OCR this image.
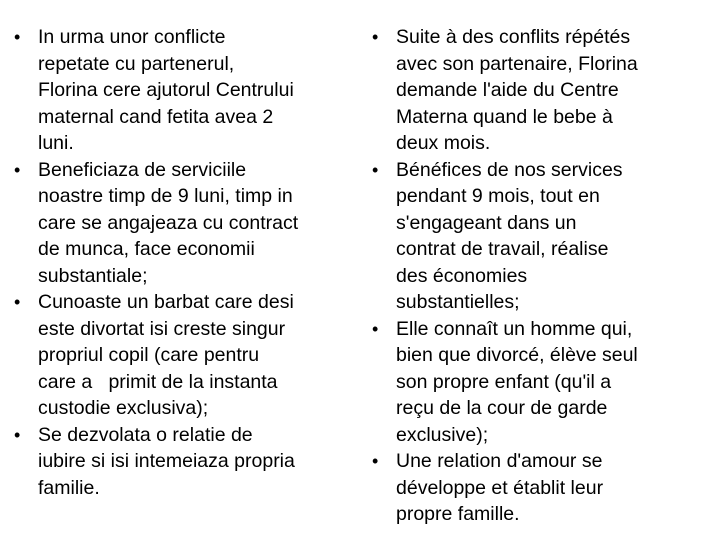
• In urma unor conflicte
repetate cu partenerul,
Florina cere ajutorul Centrului
maternal cand fetita avea 2
luni.
• Beneficiaza de serviciile
noastre timp de 9 luni, timp in
care se angajeaza cu contract
de munca, face economii
substantiale;
• Cunoaste un barbat care desi
este divortat isi creste singur
propriul copil (care pentru
care a   primit de la instanta
custodie exclusiva);
• Se dezvolata o relatie de
iubire si isi intemeiaza propria
familie.
• Suite à des conflits répétés
avec son partenaire, Florina
demande l'aide du Centre
Materna quand le bebe à
deux mois.
• Bénéfices de nos services
pendant 9 mois, tout en
s'engageant dans un
contrat de travail, réalise
des économies
substantielles;
• Elle connaît un homme qui,
bien que divorcé, élève seul
son propre enfant (qu'il a
reçu de la cour de garde
exclusive);
• Une relation d'amour se
développe et établit leur
propre famille.
